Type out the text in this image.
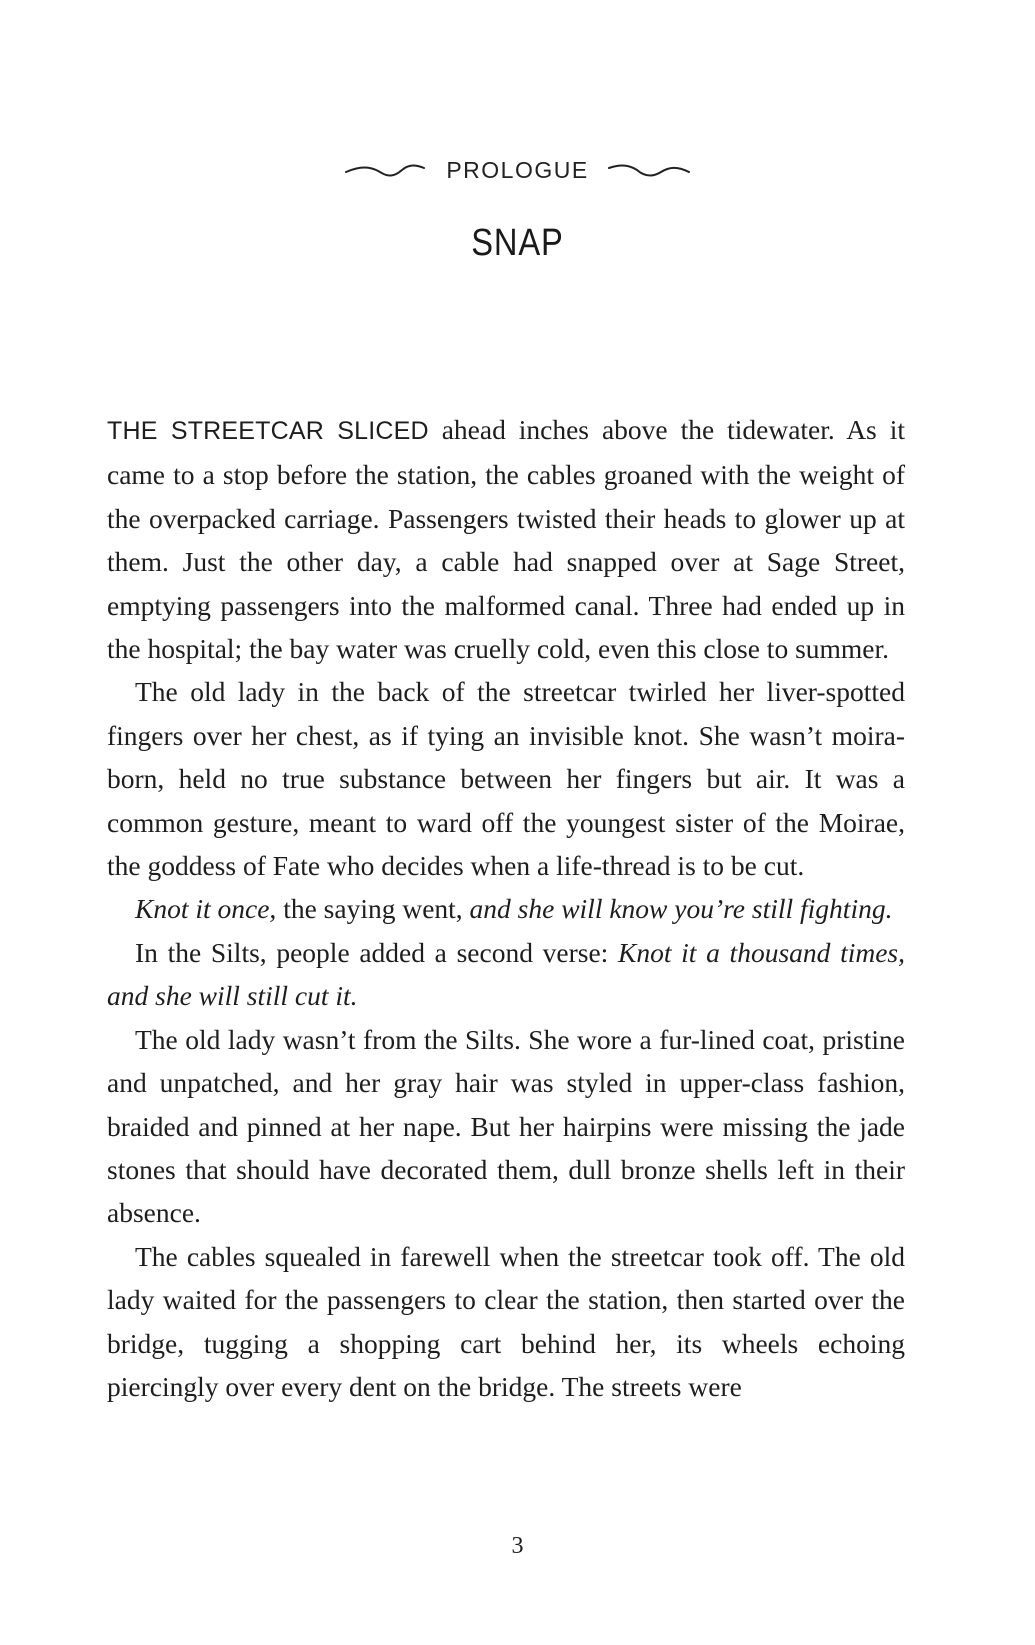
PROLOGUE
SNAP

THE STREETCAR SLICED ahead inches above the tidewater. As it came to a stop before the station, the cables groaned with the weight of the overpacked carriage. Passengers twisted their heads to glower up at them. Just the other day, a cable had snapped over at Sage Street, emptying passengers into the malformed canal. Three had ended up in the hospital; the bay water was cruelly cold, even this close to summer.

The old lady in the back of the streetcar twirled her liver-spotted fingers over her chest, as if tying an invisible knot. She wasn’t moira-born, held no true substance between her fingers but air. It was a common gesture, meant to ward off the youngest sister of the Moirae, the goddess of Fate who decides when a life-thread is to be cut.

Knot it once, the saying went, and she will know you’re still fighting.

In the Silts, people added a second verse: Knot it a thousand times, and she will still cut it.

The old lady wasn’t from the Silts. She wore a fur-lined coat, pristine and unpatched, and her gray hair was styled in upper-class fashion, braided and pinned at her nape. But her hairpins were missing the jade stones that should have decorated them, dull bronze shells left in their absence.

The cables squealed in farewell when the streetcar took off. The old lady waited for the passengers to clear the station, then started over the bridge, tugging a shopping cart behind her, its wheels echoing piercingly over every dent on the bridge. The streets were

3
